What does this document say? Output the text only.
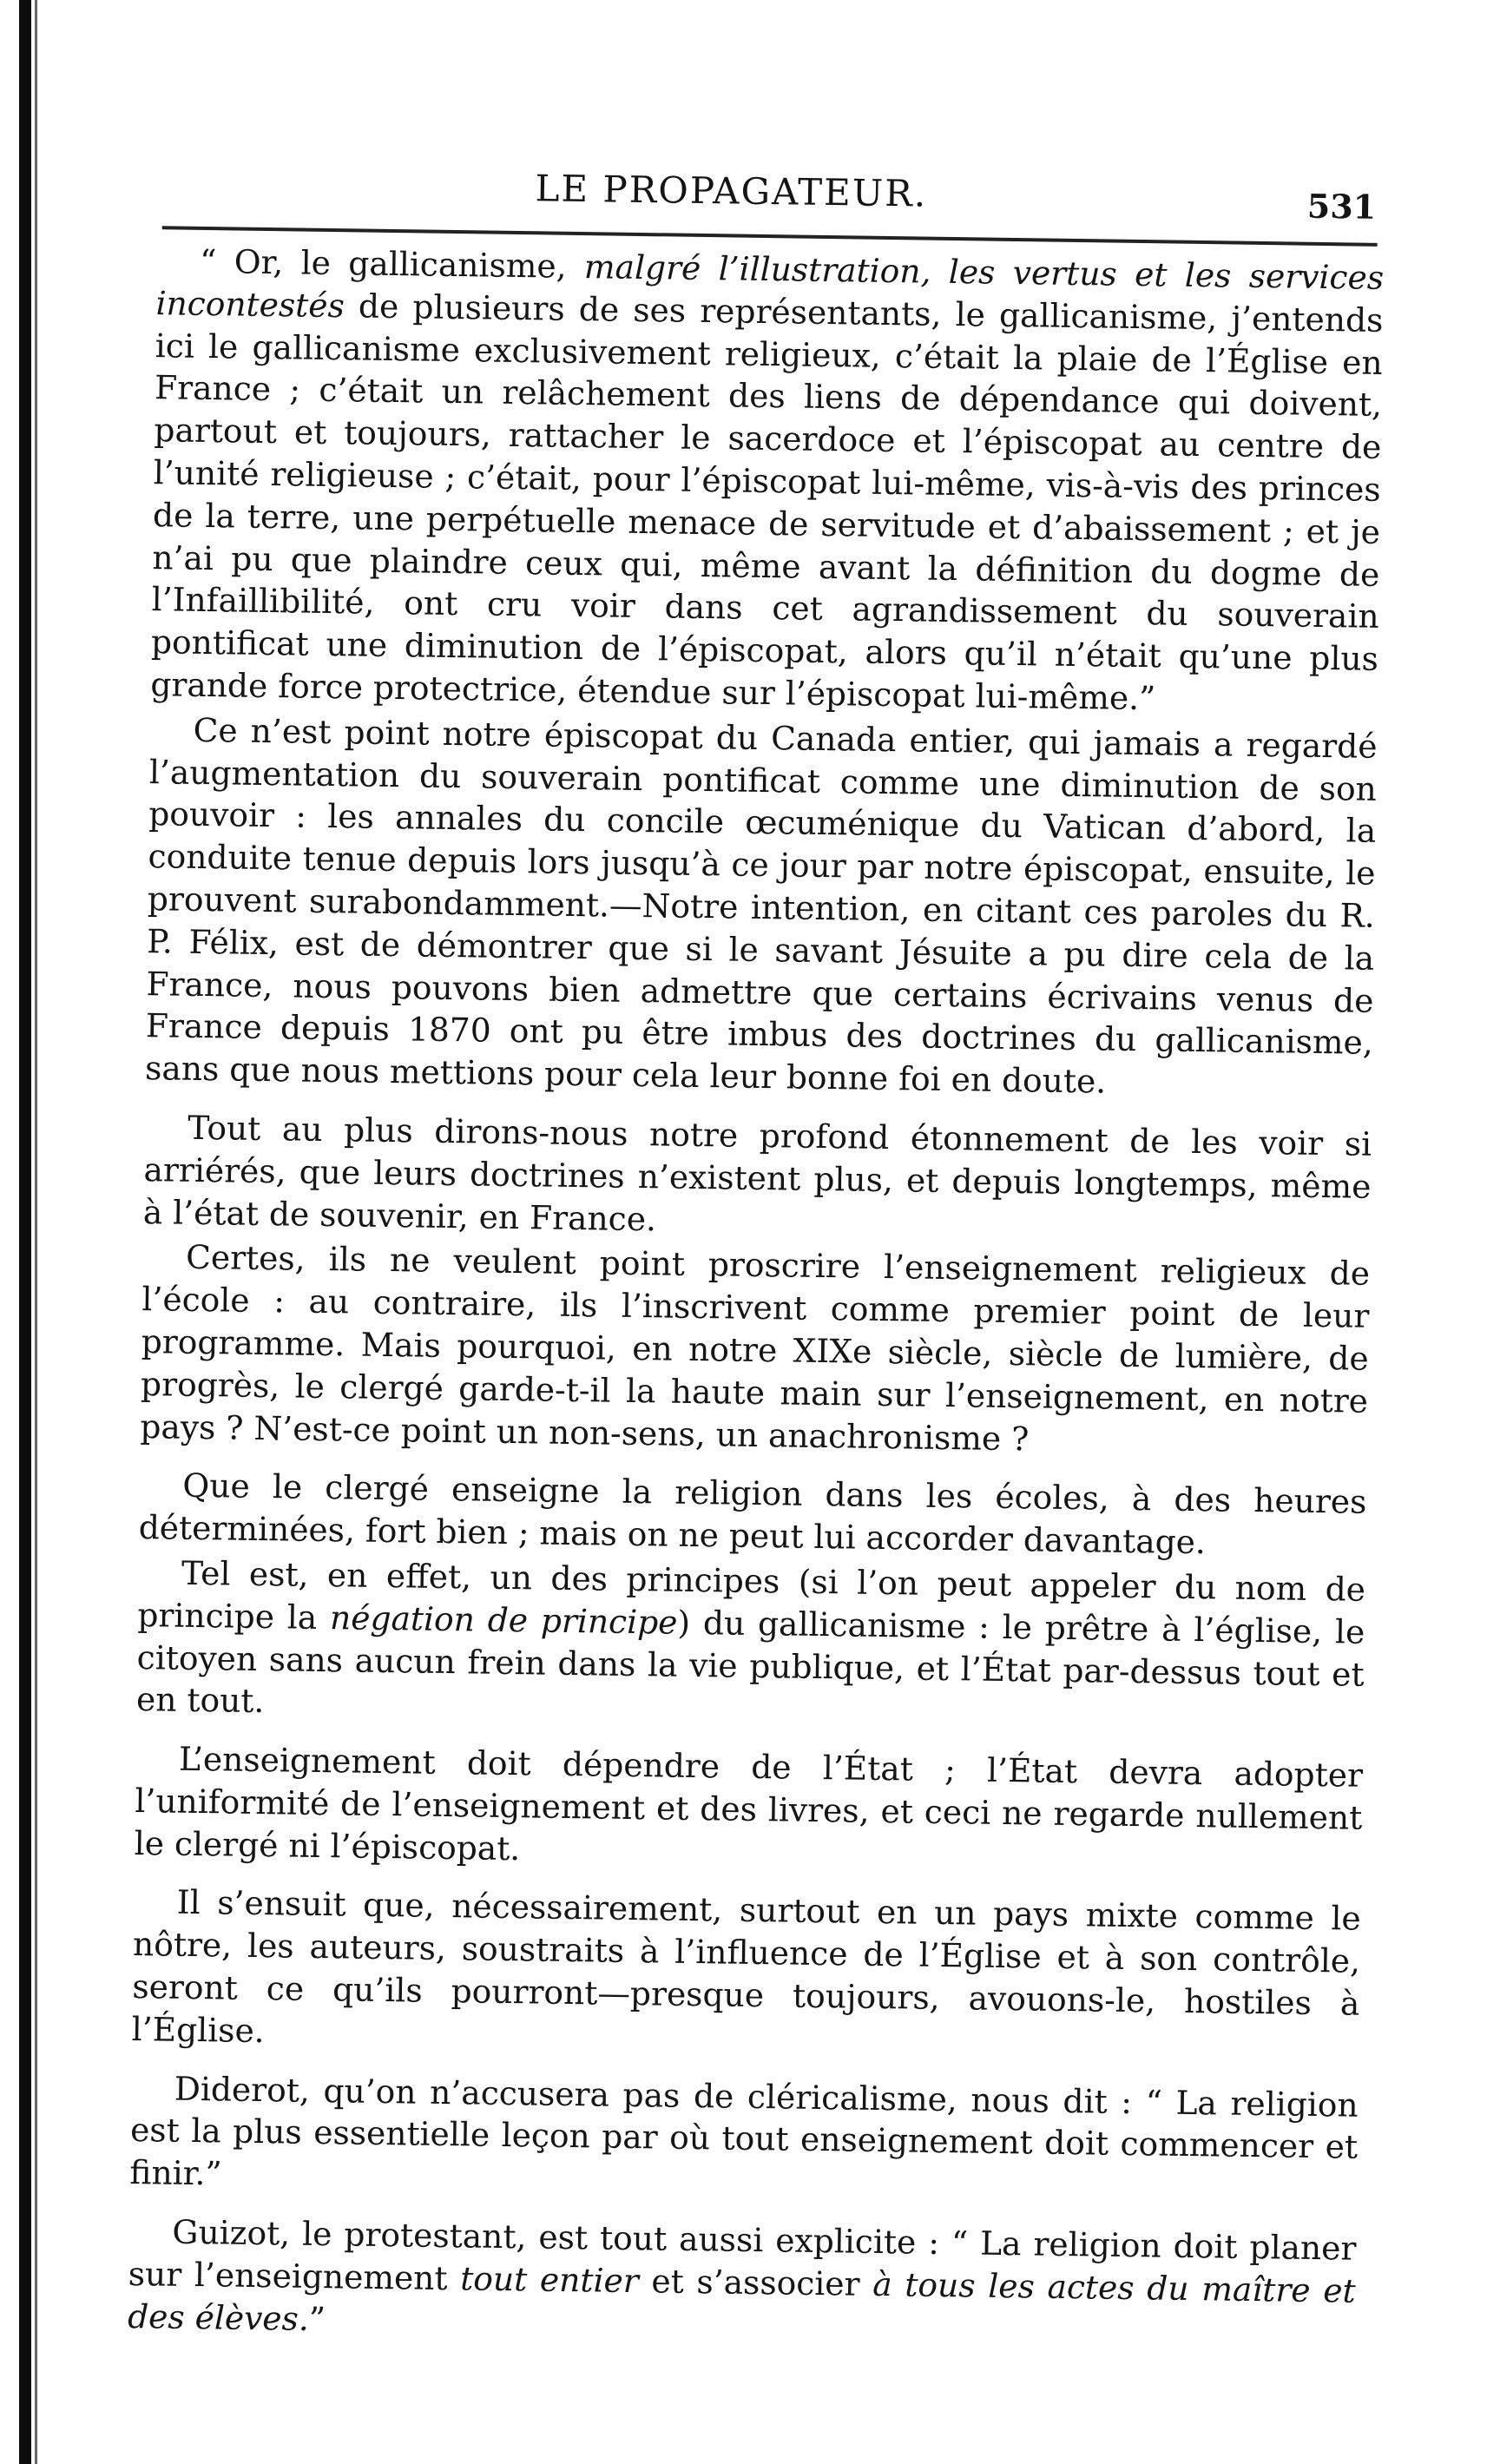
LE PROPAGATEUR.	531

“ Or, le gallicanisme, malgré l’illustration, les vertus et les services incontestés de plusieurs de ses représentants, le gallicanisme, j’entends ici le gallicanisme exclusivement religieux, c’était la plaie de l’Église en France ; c’était un relâchement des liens de dépendance qui doivent, partout et toujours, rattacher le sacerdoce et l’épiscopat au centre de l’unité religieuse ; c’était, pour l’épiscopat lui-même, vis-à-vis des princes de la terre, une perpétuelle menace de servitude et d’abaissement ; et je n’ai pu que plaindre ceux qui, même avant la définition du dogme de l’Infaillibilité, ont cru voir dans cet agrandissement du souverain pontificat une diminution de l’épiscopat, alors qu’il n’était qu’une plus grande force protectrice, étendue sur l’épiscopat lui-même.”

Ce n’est point notre épiscopat du Canada entier, qui jamais a regardé l’augmentation du souverain pontificat comme une diminution de son pouvoir : les annales du concile œcuménique du Vatican d’abord, la conduite tenue depuis lors jusqu’à ce jour par notre épiscopat, ensuite, le prouvent surabondamment.—Notre intention, en citant ces paroles du R. P. Félix, est de démontrer que si le savant Jésuite a pu dire cela de la France, nous pouvons bien admettre que certains écrivains venus de France depuis 1870 ont pu être imbus des doctrines du gallicanisme, sans que nous mettions pour cela leur bonne foi en doute.

Tout au plus dirons-nous notre profond étonnement de les voir si arriérés, que leurs doctrines n’existent plus, et depuis longtemps, même à l’état de souvenir, en France.

Certes, ils ne veulent point proscrire l’enseignement religieux de l’école : au contraire, ils l’inscrivent comme premier point de leur programme. Mais pourquoi, en notre XIXe siècle, siècle de lumière, de progrès, le clergé garde-t-il la haute main sur l’enseignement, en notre pays ? N’est-ce point un non-sens, un anachronisme ?

Que le clergé enseigne la religion dans les écoles, à des heures déterminées, fort bien ; mais on ne peut lui accorder davantage.

Tel est, en effet, un des principes (si l’on peut appeler du nom de principe la négation de principe) du gallicanisme : le prêtre à l’église, le citoyen sans aucun frein dans la vie publique, et l’État par-dessus tout et en tout.

L’enseignement doit dépendre de l’État ; l’État devra adopter l’uniformité de l’enseignement et des livres, et ceci ne regarde nullement le clergé ni l’épiscopat.

Il s’ensuit que, nécessairement, surtout en un pays mixte comme le nôtre, les auteurs, soustraits à l’influence de l’Église et à son contrôle, seront ce qu’ils pourront—presque toujours, avouons-le, hostiles à l’Église.

Diderot, qu’on n’accusera pas de cléricalisme, nous dit : “ La religion est la plus essentielle leçon par où tout enseignement doit commencer et finir.”

Guizot, le protestant, est tout aussi explicite : “ La religion doit planer sur l’enseignement tout entier et s’associer à tous les actes du maître et des élèves.”
